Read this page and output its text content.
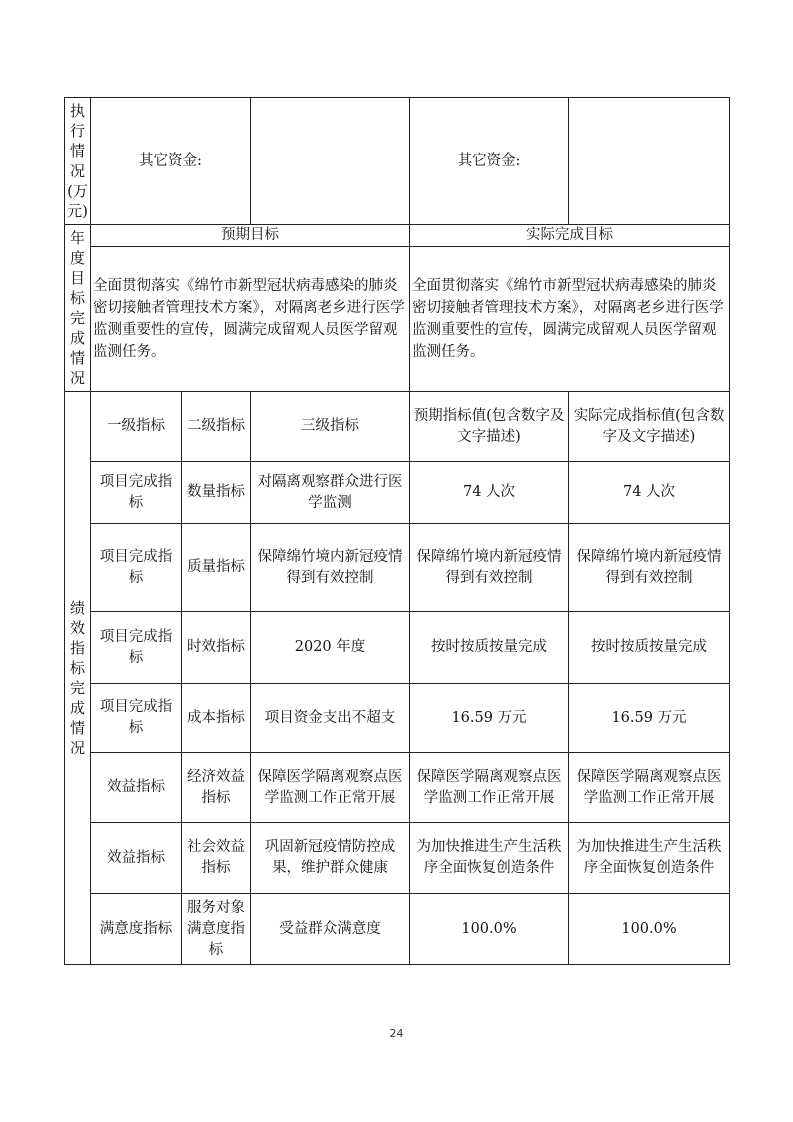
执行情况(万元)	其它资金:			其它资金:	
年度目标完成情况	预期目标			实际完成目标	
	全面贯彻落实《绵竹市新型冠状病毒感染的肺炎密切接触者管理技术方案》，对隔离老乡进行医学监测重要性的宣传，圆满完成留观人员医学留观监测任务。			全面贯彻落实《绵竹市新型冠状病毒感染的肺炎密切接触者管理技术方案》，对隔离老乡进行医学监测重要性的宣传，圆满完成留观人员医学留观监测任务。	
绩效指标完成情况	一级指标	二级指标	三级指标	预期指标值(包含数字及文字描述)	实际完成指标值(包含数字及文字描述)
	项目完成指标	数量指标	对隔离观察群众进行医学监测	74 人次	74 人次
	项目完成指标	质量指标	保障绵竹境内新冠疫情得到有效控制	保障绵竹境内新冠疫情得到有效控制	保障绵竹境内新冠疫情得到有效控制
	项目完成指标	时效指标	2020 年度	按时按质按量完成	按时按质按量完成
	项目完成指标	成本指标	项目资金支出不超支	16.59 万元	16.59 万元
	效益指标	经济效益指标	保障医学隔离观察点医学监测工作正常开展	保障医学隔离观察点医学监测工作正常开展	保障医学隔离观察点医学监测工作正常开展
	效益指标	社会效益指标	巩固新冠疫情防控成果，维护群众健康	为加快推进生产生活秩序全面恢复创造条件	为加快推进生产生活秩序全面恢复创造条件
	满意度指标	服务对象满意度指标	受益群众满意度	100.0%	100.0%
24
